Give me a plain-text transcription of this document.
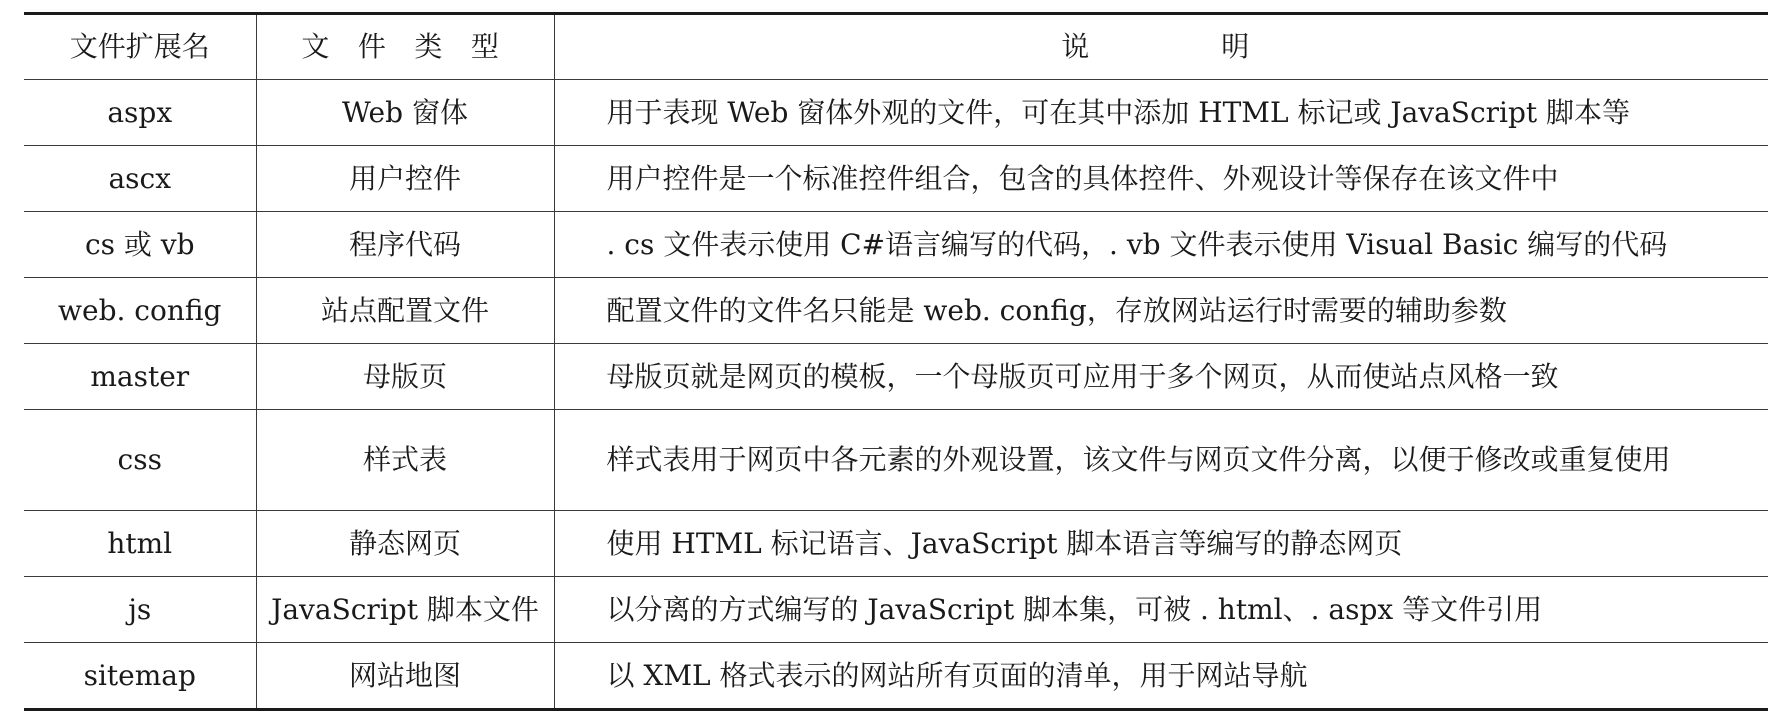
文件扩展名	文 件 类 型	说 明
aspx	Web 窗体	用于表现 Web 窗体外观的文件，可在其中添加 HTML 标记或 JavaScript 脚本等
ascx	用户控件	用户控件是一个标准控件组合，包含的具体控件、外观设计等保存在该文件中
cs 或 vb	程序代码	. cs 文件表示使用 C#语言编写的代码，. vb 文件表示使用 Visual Basic 编写的代码
web. config	站点配置文件	配置文件的文件名只能是 web. config，存放网站运行时需要的辅助参数
master	母版页	母版页就是网页的模板，一个母版页可应用于多个网页，从而使站点风格一致
css	样式表	样式表用于网页中各元素的外观设置，该文件与网页文件分离，以便于修改或重复使用
html	静态网页	使用 HTML 标记语言、JavaScript 脚本语言等编写的静态网页
js	JavaScript 脚本文件	以分离的方式编写的 JavaScript 脚本集，可被 . html、. aspx 等文件引用
sitemap	网站地图	以 XML 格式表示的网站所有页面的清单，用于网站导航
